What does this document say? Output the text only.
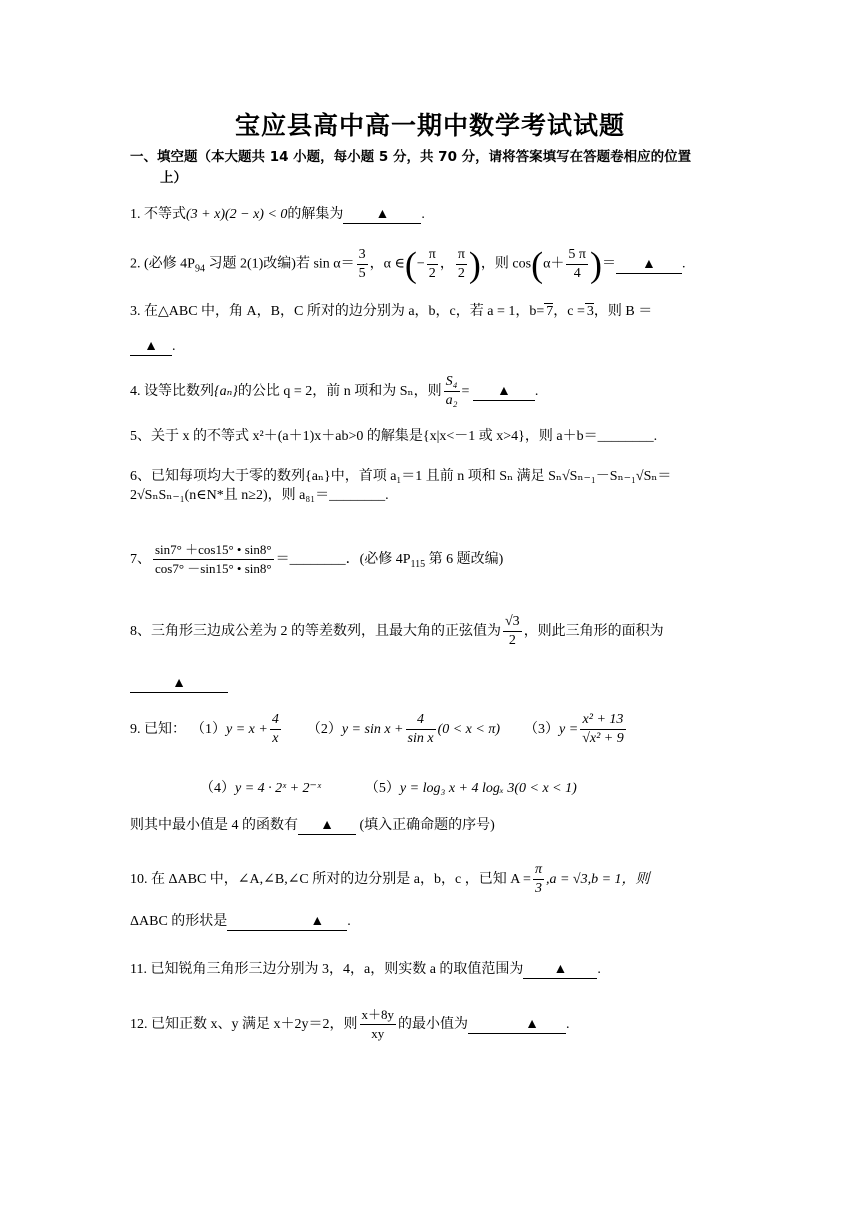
宝应县高中高一期中数学考试试题
一、填空题（本大题共 14 小题，每小题 5 分，共 70 分，请将答案填写在答题卷相应的位置
上）
1. 不等式(3 + x)(2 − x) < 0的解集为 ▲ .
2. (必修 $4P_{94}$ 习题 2(1)改编)若 $\sin \alpha= \frac{3}{5}$ ，α ∈(− $\frac{\pi}{2}$ ， $\frac{\pi}{2}$ )，则 $\cos(\alpha+ \frac{5 \pi}{4}$ )＝ ▲ .
3. 在△ABC 中，角 A，B，C 所对的边分别为 a，b，c，若 a = 1，b= 7，c = 3，则 B ＝
▲ .
4. 设等比数列{aₙ}的公比 q = 2，前 n 项和为 Sₙ，则 $\frac{\text{S₄}}{\text{a₂}}$ = ▲ .
5、关于 x 的不等式 x²＋(a＋1)x＋ab>0 的解集是{x|x<－1 或 x>4}，则 a＋b＝________.
6、已知每项均大于零的数列{aₙ}中，首项 a₁＝1 且前 n 项和 Sₙ 满足 Sₙ√Sₙ₋₁－Sₙ₋₁√Sₙ＝
2√SₙSₙ₋₁(n∈N*且 n≥2)，则 a₈₁＝________.
7、 $\frac{\sin 7^\circ +\cos 15^\circ • \sin 8^\circ}{\cos 7^\circ -\sin 15^\circ • \sin 8^\circ}$ ＝________．(必修 $4P_{115}$ 第 6 题改编)
8、三角形三边成公差为 2 的等差数列，且最大角的正弦值为 $\frac{√3}{2}$ ，则此三角形的面积为
▲
9. 已知： $(1)y = x + \frac{4}{x} (2)y = \sin x + \frac{4}{\text{sin x}} (0 < x < \pi) (3)y = \frac{\text{x² + 13}}{\text{√x² + 9}}$
（4）y = 4 · 2ˣ + 2⁻ˣ	（5）y = log₃ x + 4 logₓ 3(0 < x < 1)
则其中最小值是 4 的函数有 ▲ (填入正确命题的序号)
10. 在 ΔABC 中，∠A,∠B,∠C 所对的边分别是 a，b，c ，已知 $A = \frac{\pi}{3} ,a = √3,b = 1$，则
ΔABC 的形状是	▲ .
11. 已知锐角三角形三边分别为 3，4，a，则实数 a 的取值范围为 ▲ .
12. 已知正数 x、y 满足 x＋2y＝2，则 $\frac{x+8y}{xy}$ 的最小值为	▲ .
